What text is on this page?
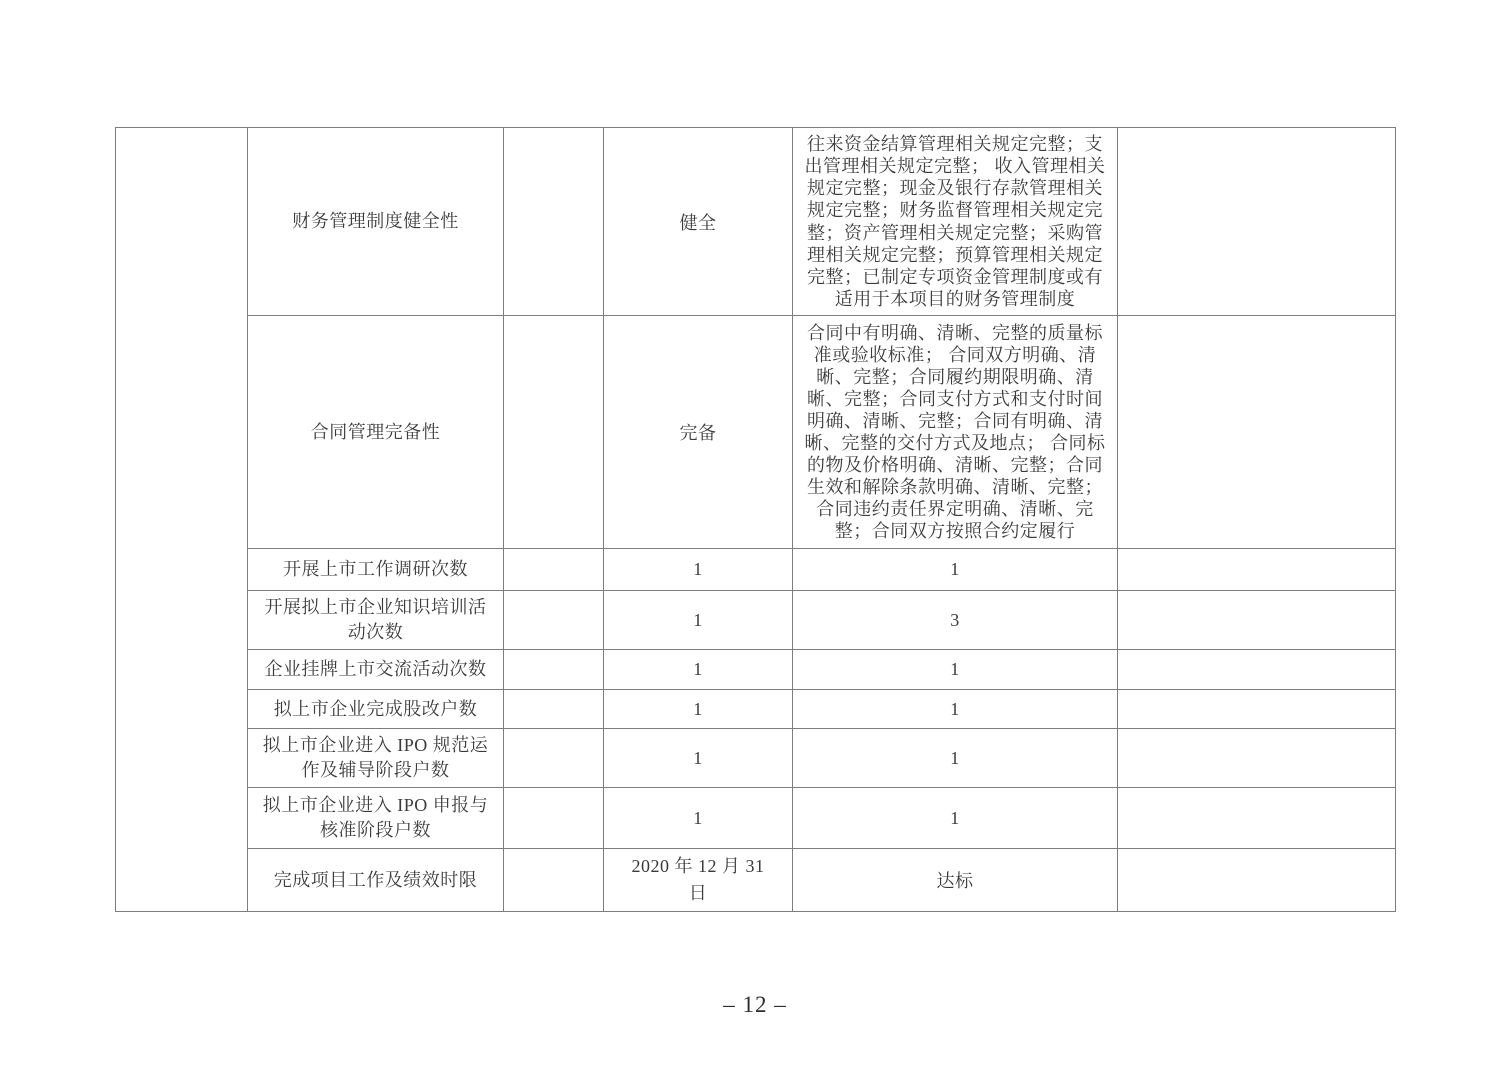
	财务管理制度健全性		健全	往来资金结算管理相关规定完整；支出管理相关规定完整； 收入管理相关规定完整；现金及银行存款管理相关规定完整；财务监督管理相关规定完整；资产管理相关规定完整；采购管理相关规定完整；预算管理相关规定完整；已制定专项资金管理制度或有适用于本项目的财务管理制度	
	合同管理完备性		完备	合同中有明确、清晰、完整的质量标准或验收标准； 合同双方明确、清晰、完整；合同履约期限明确、清晰、完整；合同支付方式和支付时间明确、清晰、完整；合同有明确、清晰、完整的交付方式及地点； 合同标的物及价格明确、清晰、完整；合同生效和解除条款明确、清晰、完整； 合同违约责任界定明确、清晰、完整；合同双方按照合约定履行	
	开展上市工作调研次数		1	1	
	开展拟上市企业知识培训活动次数		1	3	
	企业挂牌上市交流活动次数		1	1	
	拟上市企业完成股改户数		1	1	
	拟上市企业进入 IPO 规范运作及辅导阶段户数		1	1	
	拟上市企业进入 IPO 申报与核准阶段户数		1	1	
	完成项目工作及绩效时限		2020 年 12 月 31 日	达标	
– 12 –
